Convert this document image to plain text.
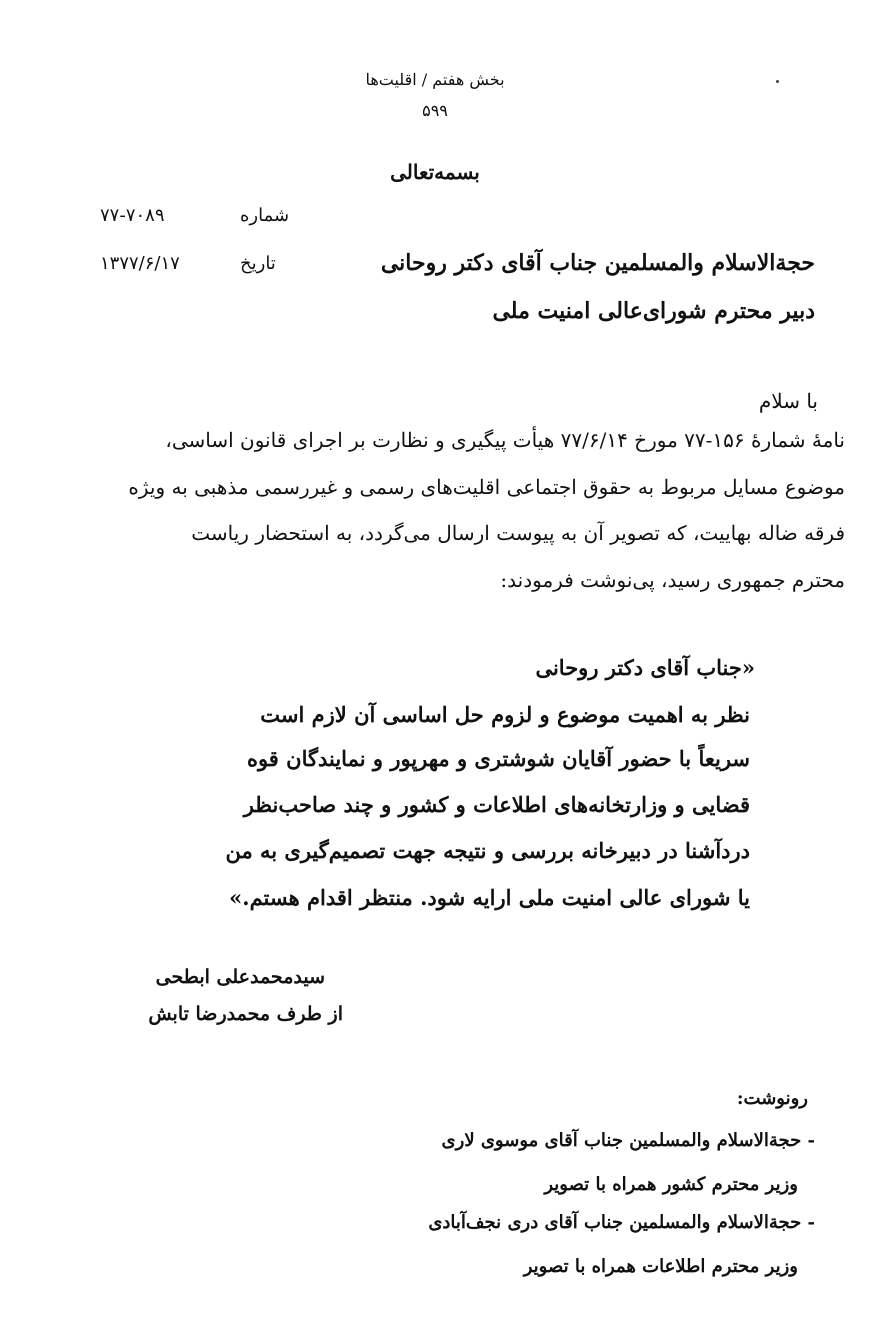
بخش هفتم / اقلیت‌ها
۵۹۹
بسمه‌تعالی
شماره
۷۷-۷۰۸۹
تاریخ
۱۳۷۷/۶/۱۷	حجة‌الاسلام والمسلمین جناب آقای دکتر روحانی
دبیر محترم شورای‌عالی امنیت ملی
با سلام
نامهٔ شمارهٔ ۱۵۶-۷۷ مورخ ۷۷/۶/۱۴ هیأت پیگیری و نظارت بر اجرای قانون اساسی،
موضوع مسایل مربوط به حقوق اجتماعی اقلیت‌های رسمی و غیررسمی مذهبی به ویژه
فرقه ضاله بهاییت، که تصویر آن به پیوست ارسال می‌گردد، به استحضار ریاست
محترم جمهوری رسید، پی‌نوشت فرمودند:
«جناب آقای دکتر روحانی
نظر به اهمیت موضوع و لزوم حل اساسی آن لازم است
سریعاً با حضور آقایان شوشتری و مهرپور و نمایندگان قوه
قضایی و وزارتخانه‌های اطلاعات و کشور و چند صاحب‌نظر
درد‌آشنا در دبیرخانه بررسی و نتیجه جهت تصمیم‌گیری به من
یا شورای عالی امنیت ملی ارایه شود. منتظر اقدام هستم.»
سیدمحمدعلی ابطحی
از طرف محمدرضا تابش
رونوشت:
- حجة‌الاسلام والمسلمین جناب آقای موسوی لاری
وزیر محترم کشور همراه با تصویر
- حجة‌الاسلام والمسلمین جناب آقای دری نجف‌آبادی
وزیر محترم اطلاعات همراه با تصویر
